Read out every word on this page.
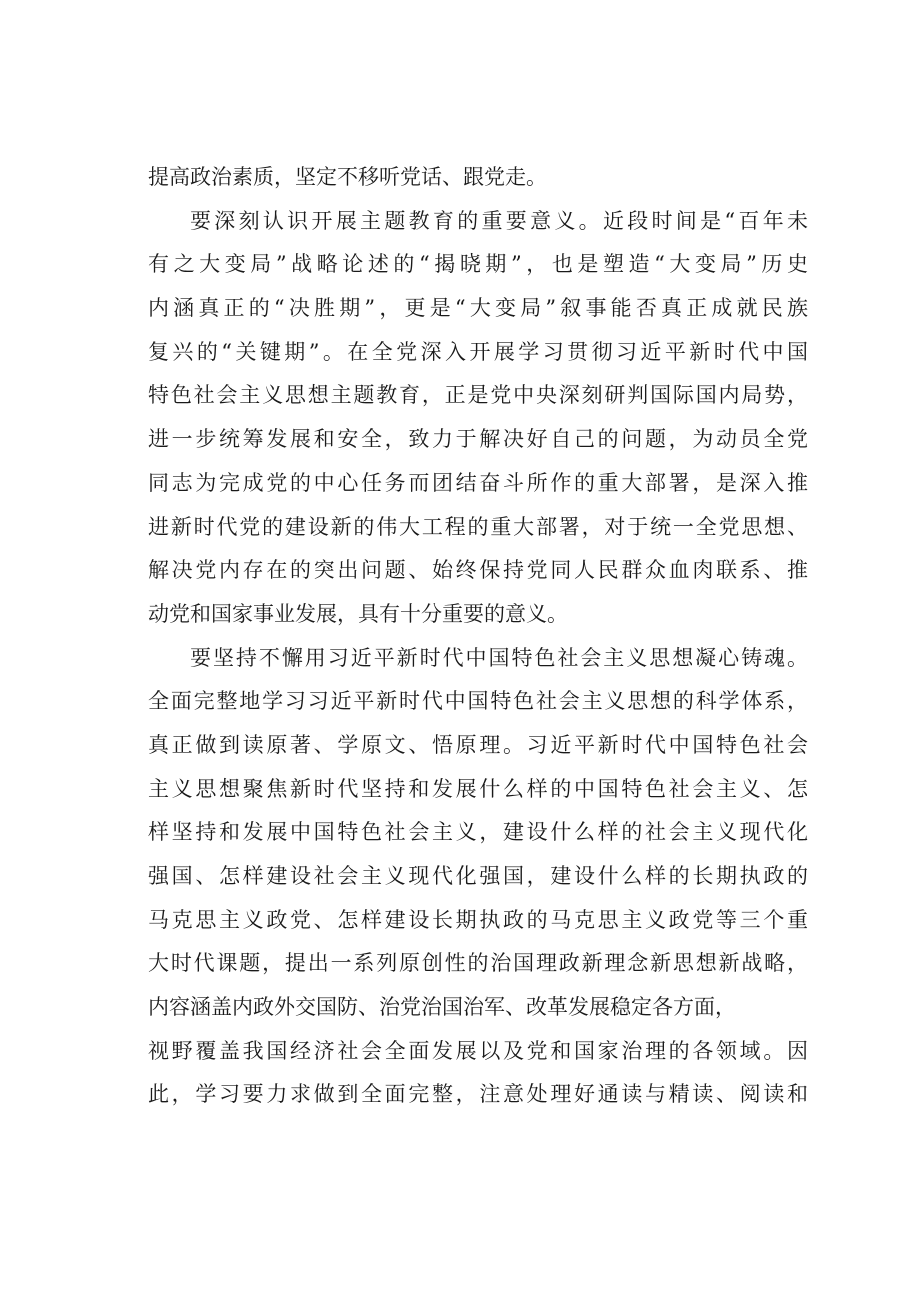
提高政治素质，坚定不移听党话、跟党走。
要深刻认识开展主题教育的重要意义。近段时间是“百年未
有之大变局”战略论述的“揭晓期”，也是塑造“大变局”历史
内涵真正的“决胜期”，更是“大变局”叙事能否真正成就民族
复兴的“关键期”。在全党深入开展学习贯彻习近平新时代中国
特色社会主义思想主题教育，正是党中央深刻研判国际国内局势，
进一步统筹发展和安全，致力于解决好自己的问题，为动员全党
同志为完成党的中心任务而团结奋斗所作的重大部署，是深入推
进新时代党的建设新的伟大工程的重大部署，对于统一全党思想、
解决党内存在的突出问题、始终保持党同人民群众血肉联系、推
动党和国家事业发展，具有十分重要的意义。
要坚持不懈用习近平新时代中国特色社会主义思想凝心铸魂。
全面完整地学习习近平新时代中国特色社会主义思想的科学体系，
真正做到读原著、学原文、悟原理。习近平新时代中国特色社会
主义思想聚焦新时代坚持和发展什么样的中国特色社会主义、怎
样坚持和发展中国特色社会主义，建设什么样的社会主义现代化
强国、怎样建设社会主义现代化强国，建设什么样的长期执政的
马克思主义政党、怎样建设长期执政的马克思主义政党等三个重
大时代课题，提出一系列原创性的治国理政新理念新思想新战略，
内容涵盖内政外交国防、治党治国治军、改革发展稳定各方面，
视野覆盖我国经济社会全面发展以及党和国家治理的各领域。因
此，学习要力求做到全面完整，注意处理好通读与精读、阅读和
